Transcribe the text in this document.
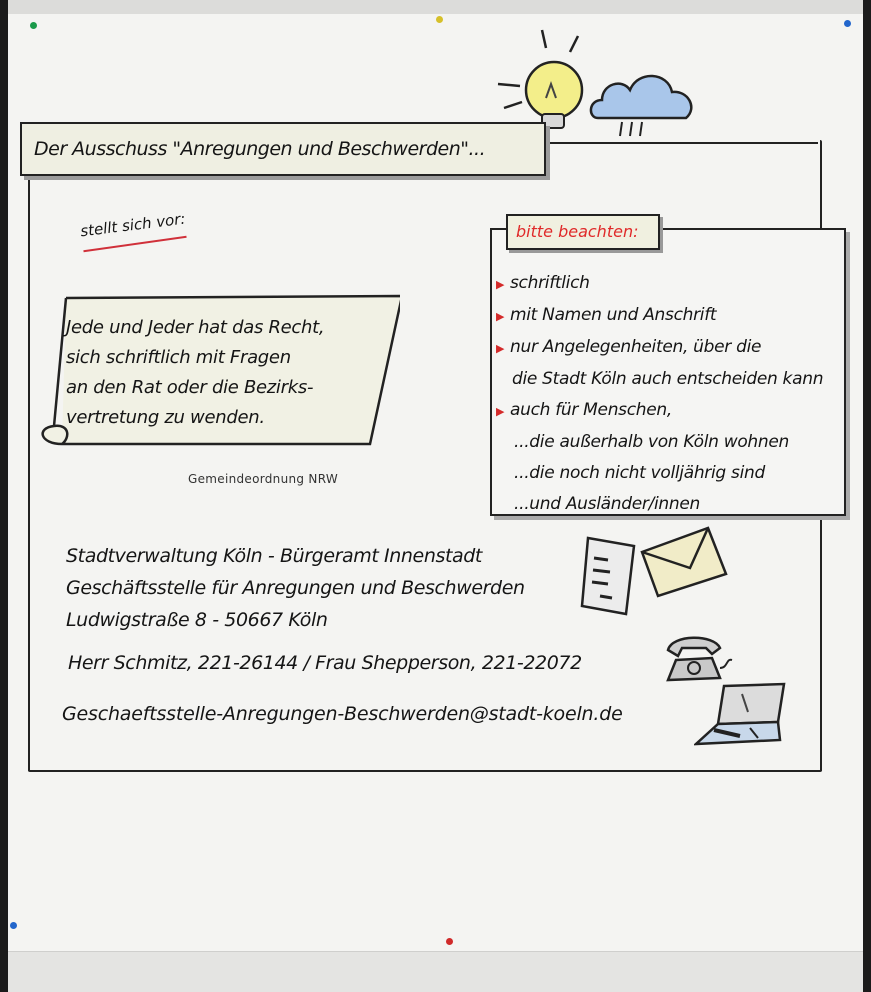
Der Ausschuss "Anregungen und Beschwerden"...
stellt sich vor:
Jede und Jeder hat das Recht,
sich schriftlich mit Fragen
an den Rat oder die Bezirks-
vertretung zu wenden.
Gemeindeordnung NRW
bitte beachten:
▶ schriftlich
▶ mit Namen und Anschrift
▶ nur Angelegenheiten, über die
die Stadt Köln auch entscheiden kann
▶ auch für Menschen,
...die außerhalb von Köln wohnen
...die noch nicht volljährig sind
...und Ausländer/innen
Stadtverwaltung Köln - Bürgeramt Innenstadt
Geschäftsstelle für Anregungen und Beschwerden
Ludwigstraße 8 - 50667 Köln
Herr Schmitz, 221-26144 / Frau Shepperson, 221-22072
Geschaeftsstelle-Anregungen-Beschwerden@stadt-koeln.de
